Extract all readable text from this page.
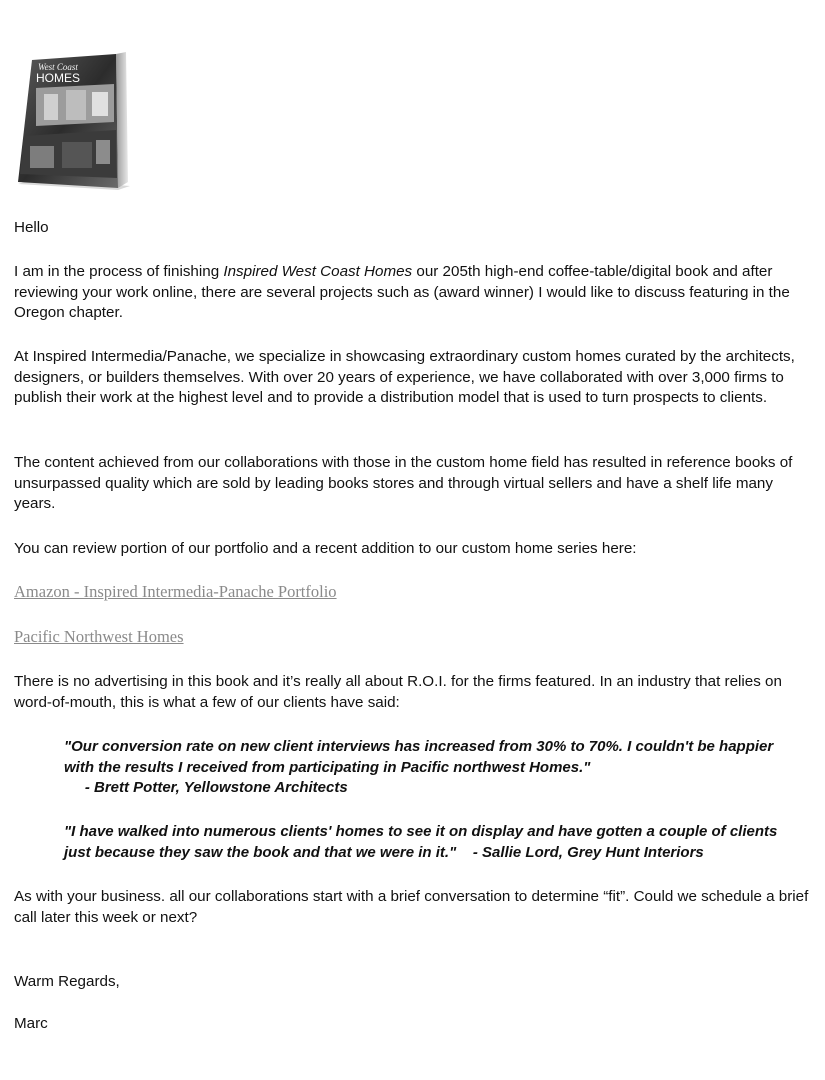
West Coast
HOMES

Hello

I am in the process of finishing Inspired West Coast Homes our 205th high-end coffee-table/digital book and after reviewing your work online, there are several projects such as (award winner) I would like to discuss featuring in the Oregon chapter.

At Inspired Intermedia/Panache, we specialize in showcasing extraordinary custom homes curated by the architects, designers, or builders themselves. With over 20 years of experience, we have collaborated with over 3,000 firms to publish their work at the highest level and to provide a distribution model that is used to turn prospects to clients.

The content achieved from our collaborations with those in the custom home field has resulted in reference books of unsurpassed quality which are sold by leading books stores and through virtual sellers and have a shelf life many years.

You can review portion of our portfolio and a recent addition to our custom home series here:

Amazon - Inspired Intermedia-Panache Portfolio
Pacific Northwest Homes

There is no advertising in this book and it’s really all about R.O.I. for the firms featured. In an industry that relies on word-of-mouth, this is what a few of our clients have said:

"Our conversion rate on new client interviews has increased from 30% to 70%. I couldn't be happier with the results I received from participating in Pacific northwest Homes."     - Brett Potter, Yellowstone Architects

"I have walked into numerous clients' homes to see it on display and have gotten a couple of clients just because they saw the book and that we were in it."    - Sallie Lord, Grey Hunt Interiors

As with your business. all our collaborations start with a brief conversation to determine “fit”. Could we schedule a brief call later this week or next?

Warm Regards,

Marc
